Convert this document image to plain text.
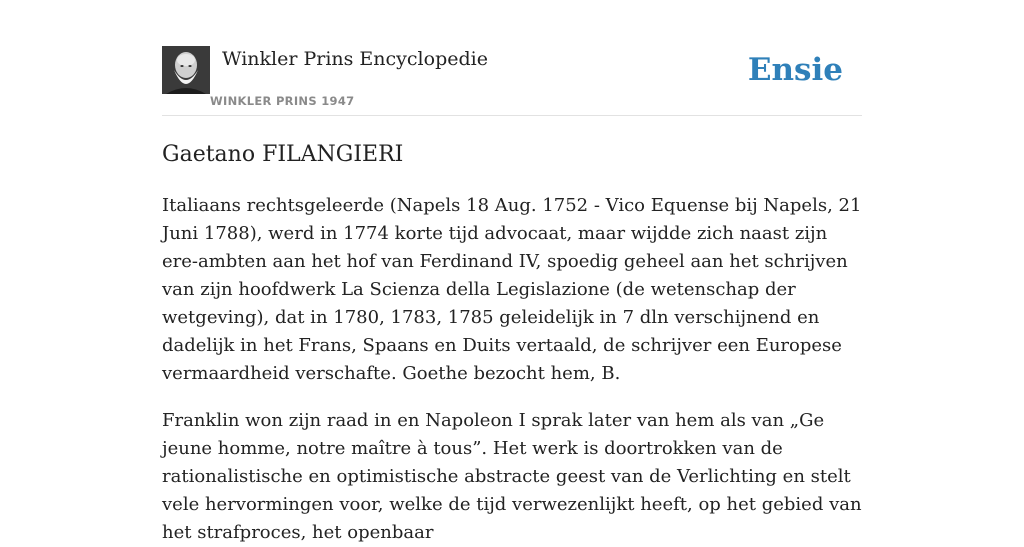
Winkler Prins Encyclopedie
WINKLER PRINS 1947
Ensie
Gaetano FILANGIERI

Italiaans rechtsgeleerde (Napels 18 Aug. 1752 - Vico Equense bij Napels, 21 Juni 1788), werd in 1774 korte tijd advocaat, maar wijdde zich naast zijn ere-ambten aan het hof van Ferdinand IV, spoedig geheel aan het schrijven van zijn hoofdwerk La Scienza della Legislazione (de wetenschap der wetgeving), dat in 1780, 1783, 1785 geleidelijk in 7 dln verschijnend en dadelijk in het Frans, Spaans en Duits vertaald, de schrijver een Europese vermaardheid verschafte. Goethe bezocht hem, B.

Franklin won zijn raad in en Napoleon I sprak later van hem als van „Ge jeune homme, notre maître à tous”. Het werk is doortrokken van de rationalistische en optimistische abstracte geest van de Verlichting en stelt vele hervormingen voor, welke de tijd verwezenlijkt heeft, op het gebied van het strafproces, het openbaar
